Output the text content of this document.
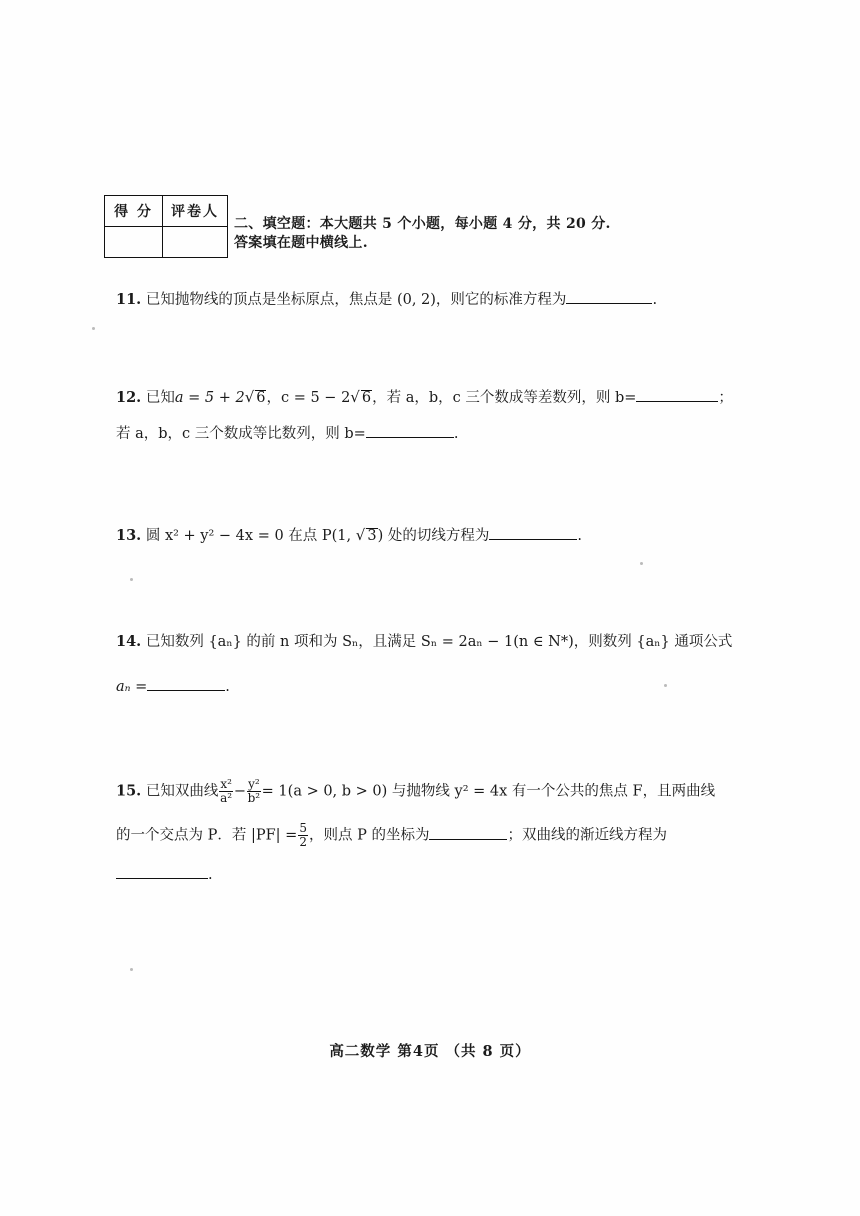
得 分	评卷人

二、填空题：本大题共 5 个小题，每小题 4 分，共 20 分.
答案填在题中横线上.
11. 已知抛物线的顶点是坐标原点，焦点是 (0, 2)，则它的标准方程为	.
12. 已知a = 5 + 2√ 6，c = 5 − 2√ 6，若 a，b，c 三个数成等差数列，则 b=	；
若 a，b，c 三个数成等比数列，则 b=	.
13. 圆 x² + y² − 4x = 0 在点 P(1, √ 3) 处的切线方程为	.
14. 已知数列 {aₙ} 的前 n 项和为 Sₙ，且满足 Sₙ = 2aₙ − 1(n ∈ N*)，则数列 {aₙ} 通项公式
aₙ =	.
15. 已知双曲线 $\frac{\text{x²}}{\text{a²}} - \frac{\text{y²}}{\text{b²}} = 1(a > 0$, b > 0) 与抛物线 y² = 4x 有一个公共的焦点 F，且两曲线
的一个交点为 P．若 $|PF| = \frac{5}{2}$ ，则点 P 的坐标为	；双曲线的渐近线方程为
.
高二数学 第4页 （共 8 页）
